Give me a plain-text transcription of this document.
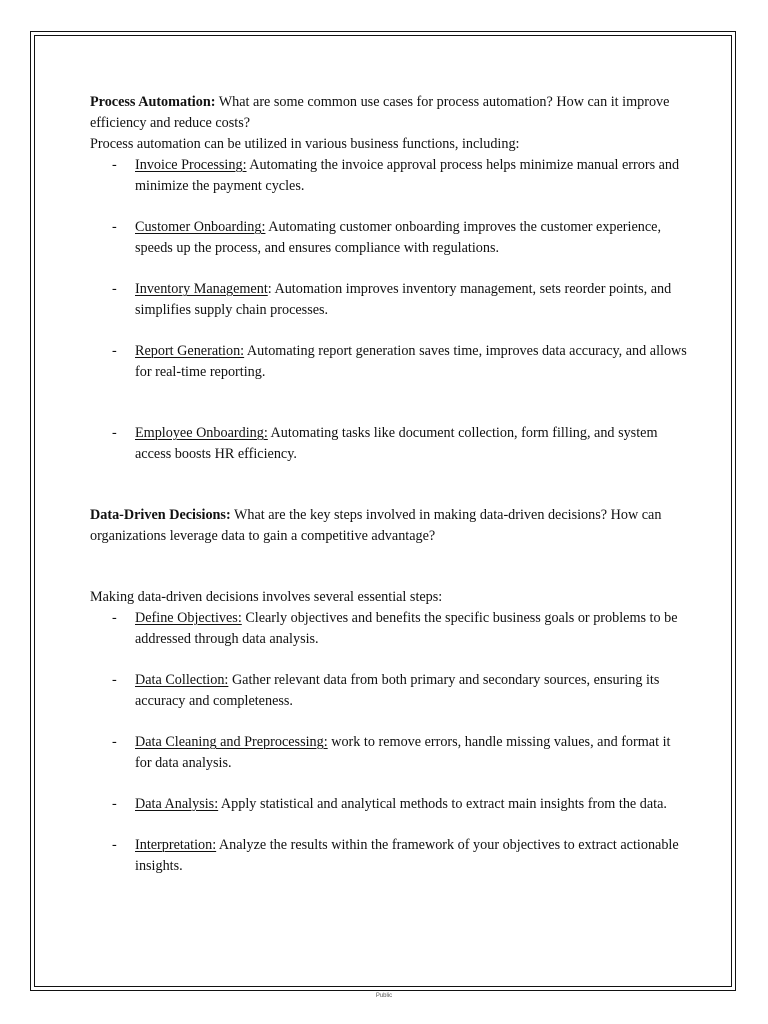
Process Automation: What are some common use cases for process automation? How can it improve efficiency and reduce costs?

Process automation can be utilized in various business functions, including:

- Invoice Processing: Automating the invoice approval process helps minimize manual errors and minimize the payment cycles.
- Customer Onboarding: Automating customer onboarding improves the customer experience, speeds up the process, and ensures compliance with regulations.
- Inventory Management: Automation improves inventory management, sets reorder points, and simplifies supply chain processes.
- Report Generation: Automating report generation saves time, improves data accuracy, and allows for real-time reporting.
- Employee Onboarding: Automating tasks like document collection, form filling, and system access boosts HR efficiency.

Data-Driven Decisions: What are the key steps involved in making data-driven decisions? How can organizations leverage data to gain a competitive advantage?

Making data-driven decisions involves several essential steps:

- Define Objectives: Clearly objectives and benefits the specific business goals or problems to be addressed through data analysis.
- Data Collection: Gather relevant data from both primary and secondary sources, ensuring its accuracy and completeness.
- Data Cleaning and Preprocessing: work to remove errors, handle missing values, and format it for data analysis.
- Data Analysis: Apply statistical and analytical methods to extract main insights from the data.
- Interpretation: Analyze the results within the framework of your objectives to extract actionable insights.
Public
